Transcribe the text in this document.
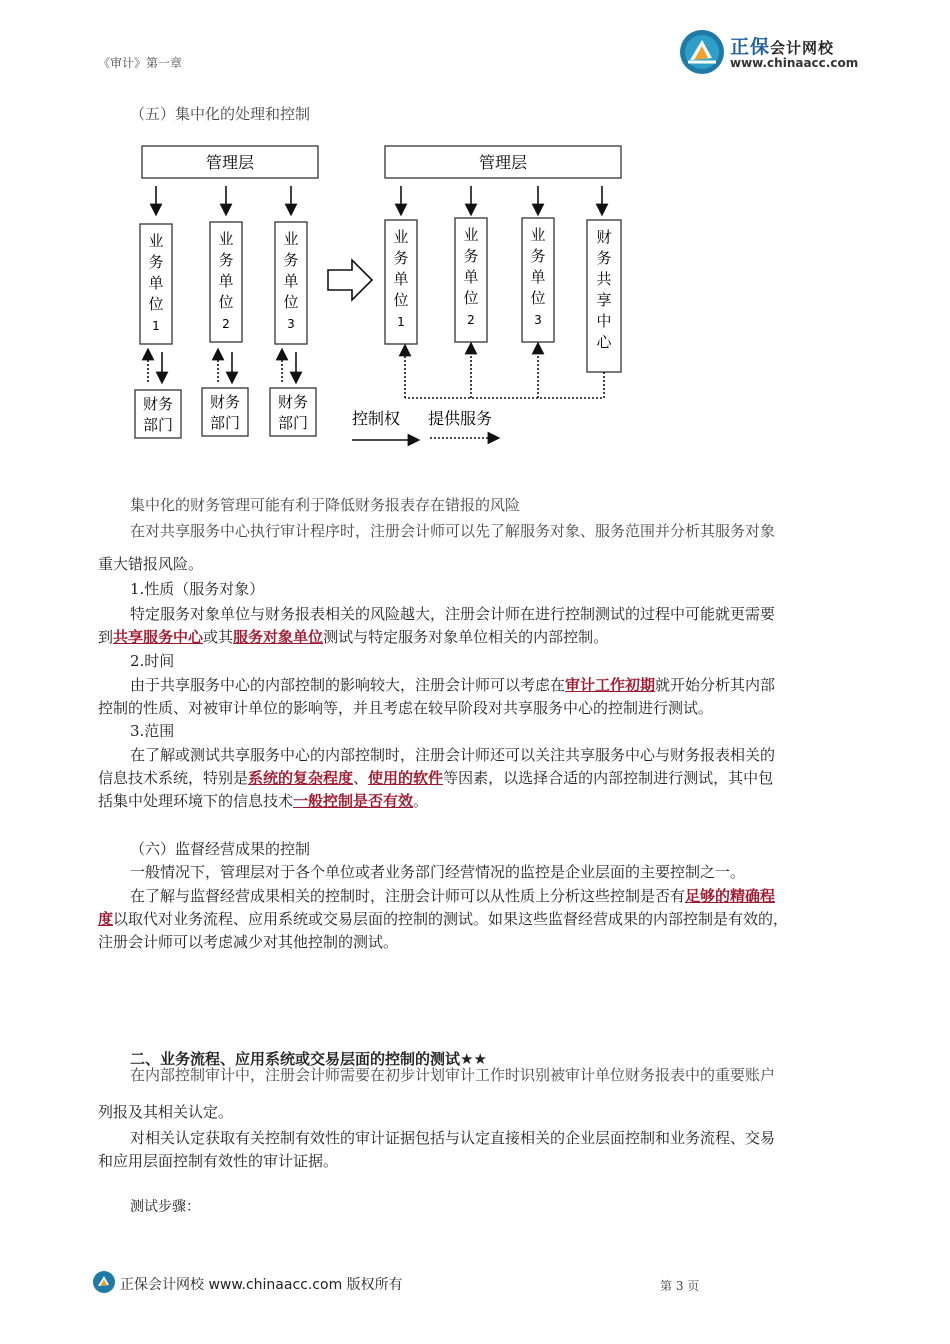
《审计》第一章
正保会计网校
www.chinaacc.com
（五）集中化的处理和控制
管理层	管理层
业
务
单
位
1
业
务
单
位
2
业
务
单
位
3
业
务
单
位
1
业
务
单
位
2
业
务
单
位
3
财
务
共
享
中
心
财务
部门
财务
部门
财务
部门	控制权 提供服务
集中化的财务管理可能有利于降低财务报表存在错报的风险
在对共享服务中心执行审计程序时，注册会计师可以先了解服务对象、服务范围并分析其服务对象
重大错报风险。
1.性质（服务对象）
特定服务对象单位与财务报表相关的风险越大，注册会计师在进行控制测试的过程中可能就更需要
到共享服务中心或其服务对象单位测试与特定服务对象单位相关的内部控制。
2.时间
由于共享服务中心的内部控制的影响较大，注册会计师可以考虑在审计工作初期就开始分析其内部
控制的性质、对被审计单位的影响等，并且考虑在较早阶段对共享服务中心的控制进行测试。
3.范围
在了解或测试共享服务中心的内部控制时，注册会计师还可以关注共享服务中心与财务报表相关的
信息技术系统，特别是系统的复杂程度、使用的软件等因素，以选择合适的内部控制进行测试，其中包
括集中处理环境下的信息技术一般控制是否有效。
（六）监督经营成果的控制
一般情况下，管理层对于各个单位或者业务部门经营情况的监控是企业层面的主要控制之一。
在了解与监督经营成果相关的控制时，注册会计师可以从性质上分析这些控制是否有足够的精确程
度以取代对业务流程、应用系统或交易层面的控制的测试。如果这些监督经营成果的内部控制是有效的，
注册会计师可以考虑减少对其他控制的测试。
二、业务流程、应用系统或交易层面的控制的测试★★
在内部控制审计中，注册会计师需要在初步计划审计工作时识别被审计单位财务报表中的重要账户
列报及其相关认定。
对相关认定获取有关控制有效性的审计证据包括与认定直接相关的企业层面控制和业务流程、交易
和应用层面控制有效性的审计证据。
测试步骤：
正保会计网校 www.chinaacc.com 版权所有	第 3 页
